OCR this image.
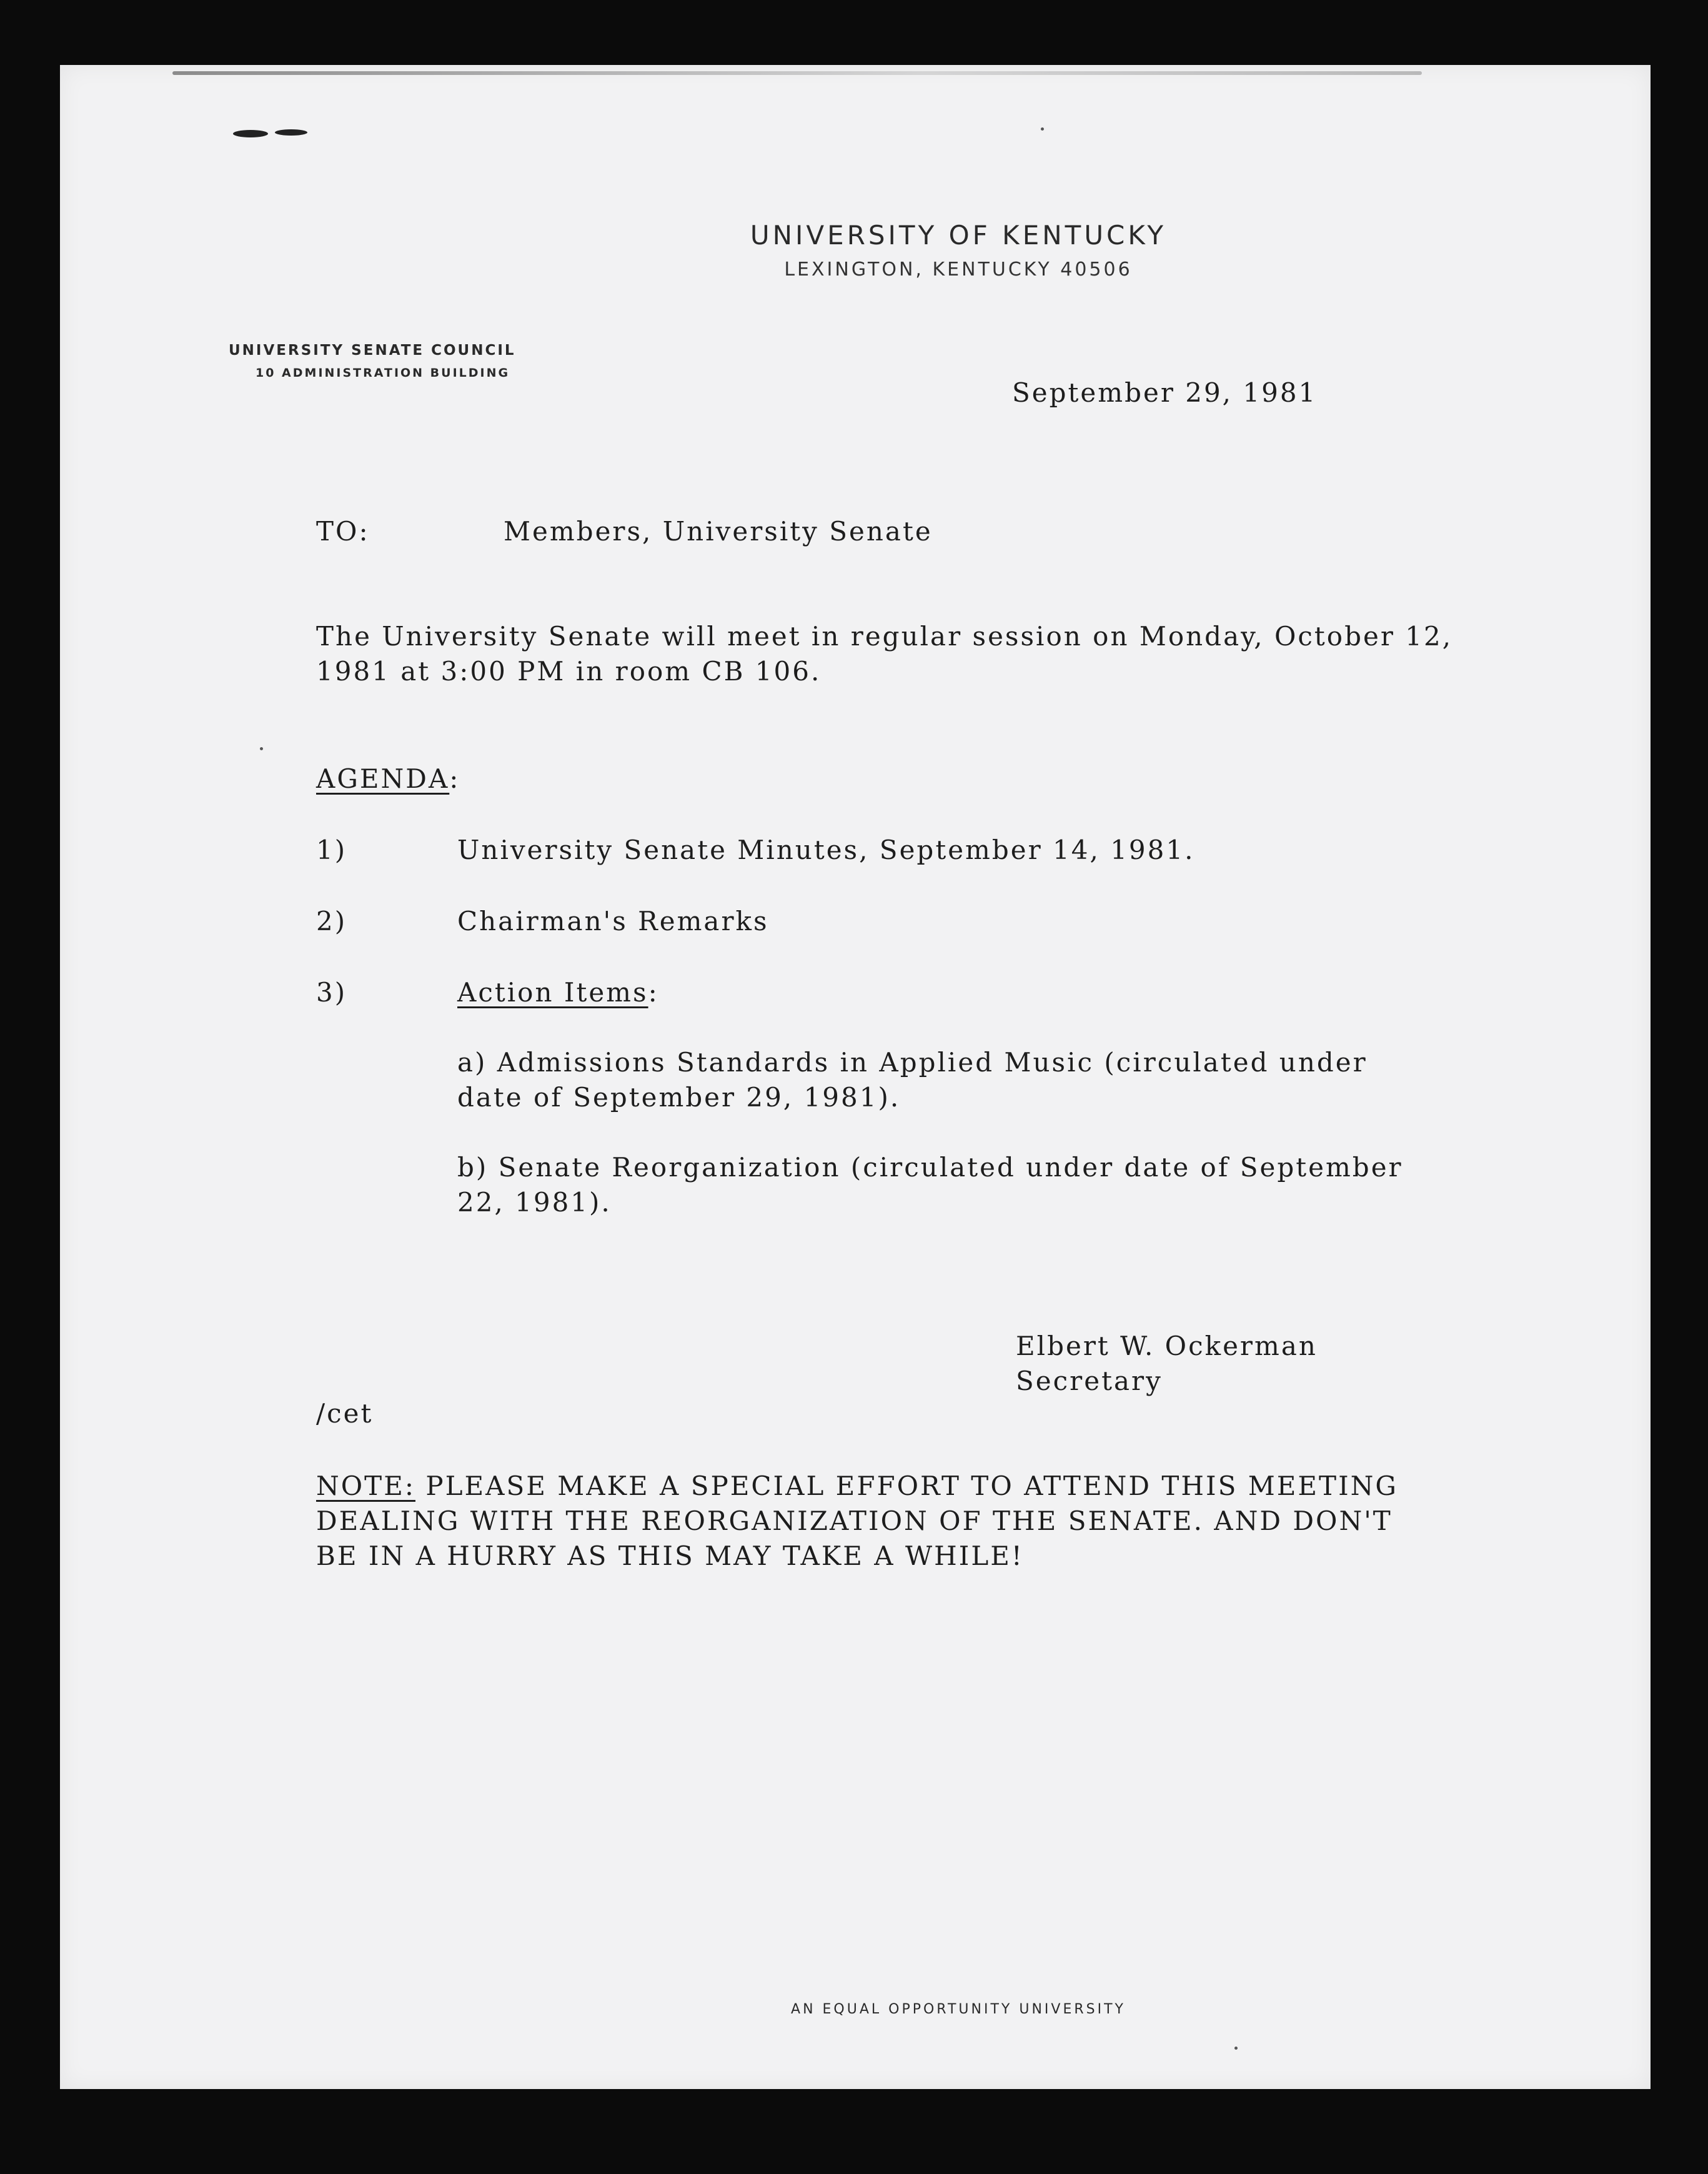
UNIVERSITY OF KENTUCKY
LEXINGTON, KENTUCKY 40506
UNIVERSITY SENATE COUNCIL
10 ADMINISTRATION BUILDING
September 29, 1981
TO:	Members, University Senate
The University Senate will meet in regular session on Monday, October 12,
1981 at 3:00 PM in room CB 106.
AGENDA:
1)	University Senate Minutes, September 14, 1981.
2)	Chairman's Remarks
3)	Action Items:
a) Admissions Standards in Applied Music (circulated under
date of September 29, 1981).
b) Senate Reorganization (circulated under date of September
22, 1981).
Elbert W. Ockerman
Secretary
/cet
NOTE: PLEASE MAKE A SPECIAL EFFORT TO ATTEND THIS MEETING
DEALING WITH THE REORGANIZATION OF THE SENATE. AND DON'T
BE IN A HURRY AS THIS MAY TAKE A WHILE!
AN EQUAL OPPORTUNITY UNIVERSITY
